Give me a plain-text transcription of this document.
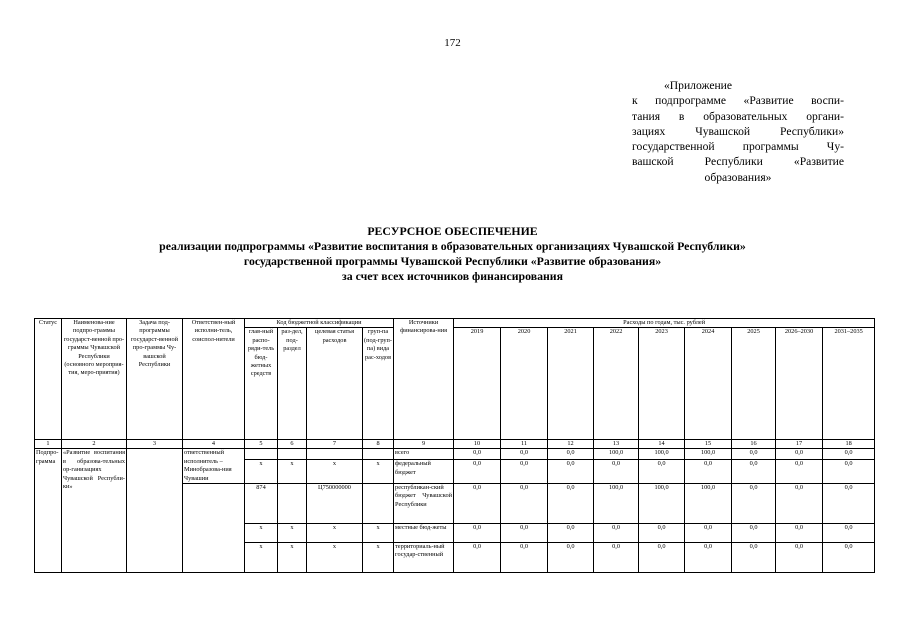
172
«Приложение
к подпрограмме «Развитие воспи-
тания в образовательных органи-
зациях Чувашской Республики»
государственной программы Чу-
вашской Республики «Развитие
образования»
РЕСУРСНОЕ ОБЕСПЕЧЕНИЕ
реализации подпрограммы «Развитие воспитания в образовательных организациях Чувашской Республики»
государственной программы Чувашской Республики «Развитие образования»
за счет всех источников финансирования
Статус	Наименова-ние подпро-граммы государст-венной про-граммы Чувашской Республики (основного мероприя-тия, меро-приятия)	Задача под-программы государст-венной про-граммы Чу-вашской Республики	Ответствен-ный исполни-тель, соиспол-нители	Код бюджетной классификации				Источники финансирова-ния	Расходы по годам, тыс. рублей								
				глав-ный распо-ряди-тель бюд-жетных средств	раз-дел, под-раздел	целевая статья расходов	груп-па (под-груп-па) вида рас-ходов		2019	2020	2021	2022	2023	2024	2025	2026–2030	2031–2035
1	2	3	4	5	6	7	8	9	10	11	12	13	14	15	16	17	18
Подпро-грамма	«Развитие воспитания в образова-тельных ор-ганизациях Чувашской Республи-ки»		ответственный исполнитель – Минобразова-ния Чувашии					всего	0,0	0,0	0,0	100,0	100,0	100,0	0,0	0,0	0,0
				x	x	x	x	федеральный бюджет	0,0	0,0	0,0	0,0	0,0	0,0	0,0	0,0	0,0
				874		Ц750000000		республикан-ский бюджет Чувашской Республики	0,0	0,0	0,0	100,0	100,0	100,0	0,0	0,0	0,0
				x	x	x	x	местные бюд-жеты	0,0	0,0	0,0	0,0	0,0	0,0	0,0	0,0	0,0
				x	x	x	x	территориаль-ный государ-ственный	0,0	0,0	0,0	0,0	0,0	0,0	0,0	0,0	0,0
